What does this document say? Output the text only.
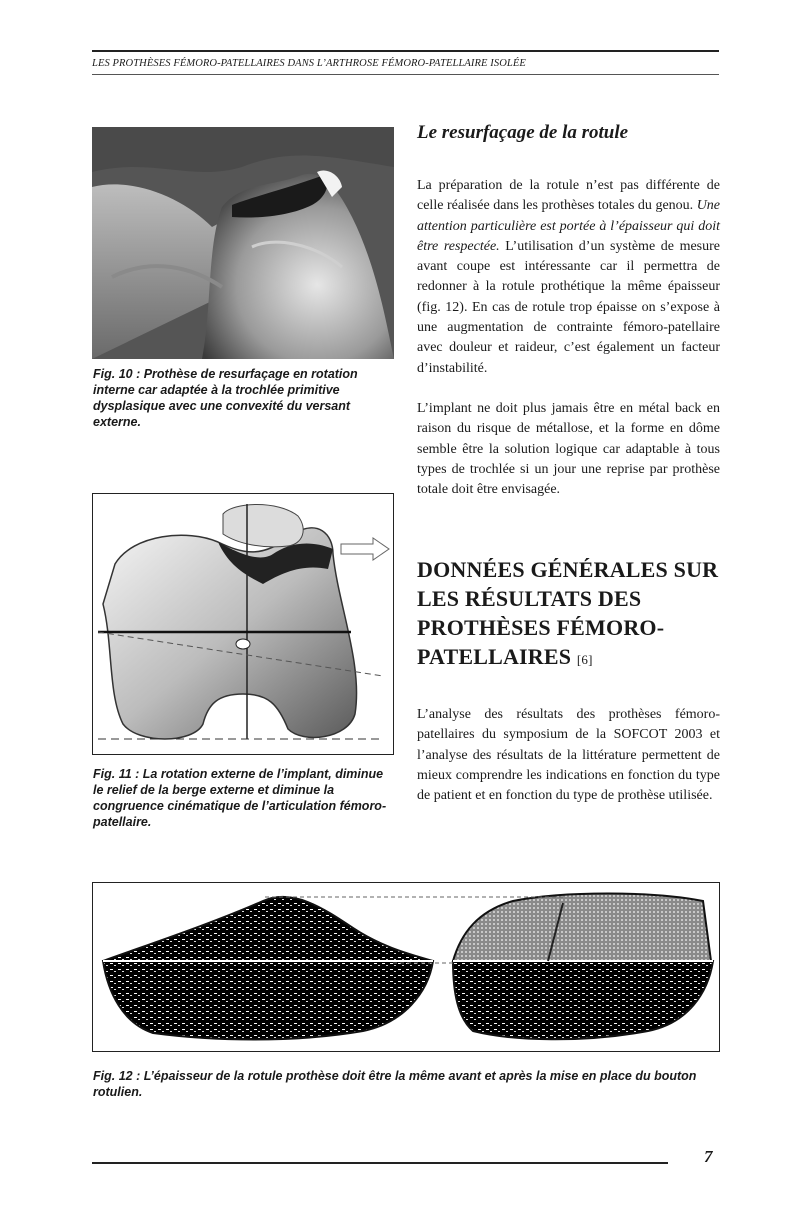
LES PROTHÈSES FÉMORO-PATELLAIRES DANS L’ARTHROSE FÉMORO-PATELLAIRE ISOLÉE
Fig. 10 : Prothèse de resurfaçage en rotation interne car adaptée à la trochlée primitive dysplasique avec une convexité du versant externe.
Fig. 11 : La rotation externe de l’implant, diminue le relief de la berge externe et diminue la congruence cinématique de l’articulation fémoro-patellaire.
Le resurfaçage de la rotule

La préparation de la rotule n’est pas différente de celle réalisée dans les prothèses totales du genou. Une attention particulière est portée à l’épaisseur qui doit être respectée. L’utilisation d’un système de mesure avant coupe est intéressante car il permettra de redonner à la rotule prothétique la même épaisseur (fig. 12). En cas de rotule trop épaisse on s’expose à une augmentation de contrainte fémoro-patellaire avec douleur et raideur, c’est également un facteur d’instabilité.

L’implant ne doit plus jamais être en métal back en raison du risque de métallose, et la forme en dôme semble être la solution logique car adaptable à tous types de trochlée si un jour une reprise par prothèse totale doit être envisagée.

DONNÉES GÉNÉRALES SUR LES RÉSULTATS DES PROTHÈSES FÉMORO-PATELLAIRES [6]

L’analyse des résultats des prothèses fémoro-patellaires du symposium de la SOFCOT 2003 et l’analyse des résultats de la littérature permettent de mieux comprendre les indications en fonction du type de patient et en fonction du type de prothèse utilisée.

Fig. 12 : L’épaisseur de la rotule prothèse doit être la même avant et après la mise en place du bouton rotulien.
7
